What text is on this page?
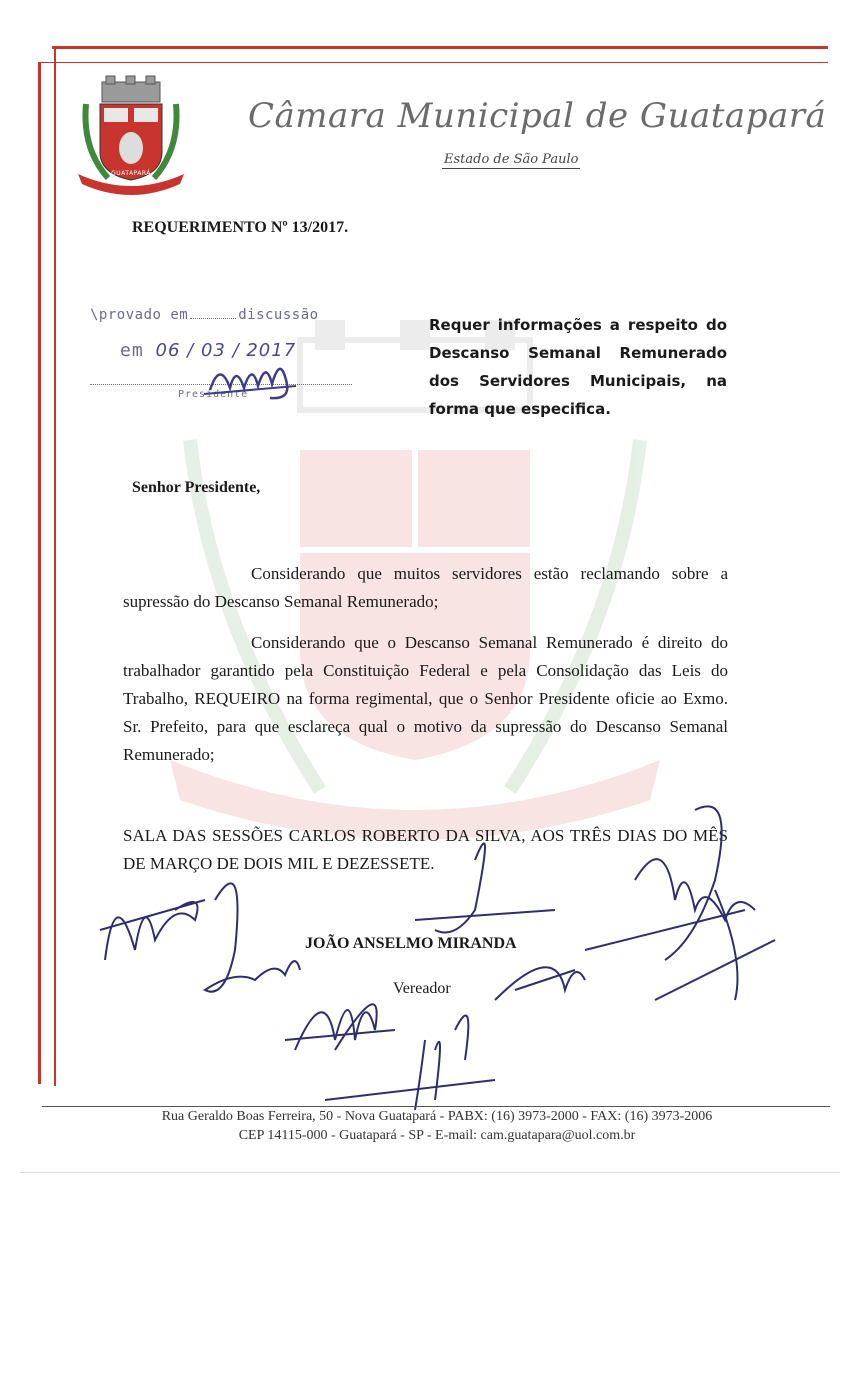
GUATAPARÁ
Câmara Municipal de Guatapará
Estado de São Paulo
REQUERIMENTO Nº 13/2017.
\provado em	discussão
em 06 / 03 / 2017
Presidente
Requer informações a respeito do Descanso Semanal Remunerado dos Servidores Municipais, na forma que especifica.
Senhor Presidente,
Considerando que muitos servidores estão reclamando sobre a supressão do Descanso Semanal Remunerado;
Considerando que o Descanso Semanal Remunerado é direito do trabalhador garantido pela Constituição Federal e pela Consolidação das Leis do Trabalho, REQUEIRO na forma regimental, que o Senhor Presidente oficie ao Exmo. Sr. Prefeito, para que esclareça qual o motivo da supressão do Descanso Semanal Remunerado;
SALA DAS SESSÕES CARLOS ROBERTO DA SILVA, AOS TRÊS DIAS DO MÊS DE MARÇO DE DOIS MIL E DEZESSETE.
JOÃO ANSELMO MIRANDA
Vereador
Rua Geraldo Boas Ferreira, 50 - Nova Guatapará - PABX: (16) 3973-2000 - FAX: (16) 3973-2006
CEP 14115-000 - Guatapará - SP - E-mail: cam.guatapara@uol.com.br
